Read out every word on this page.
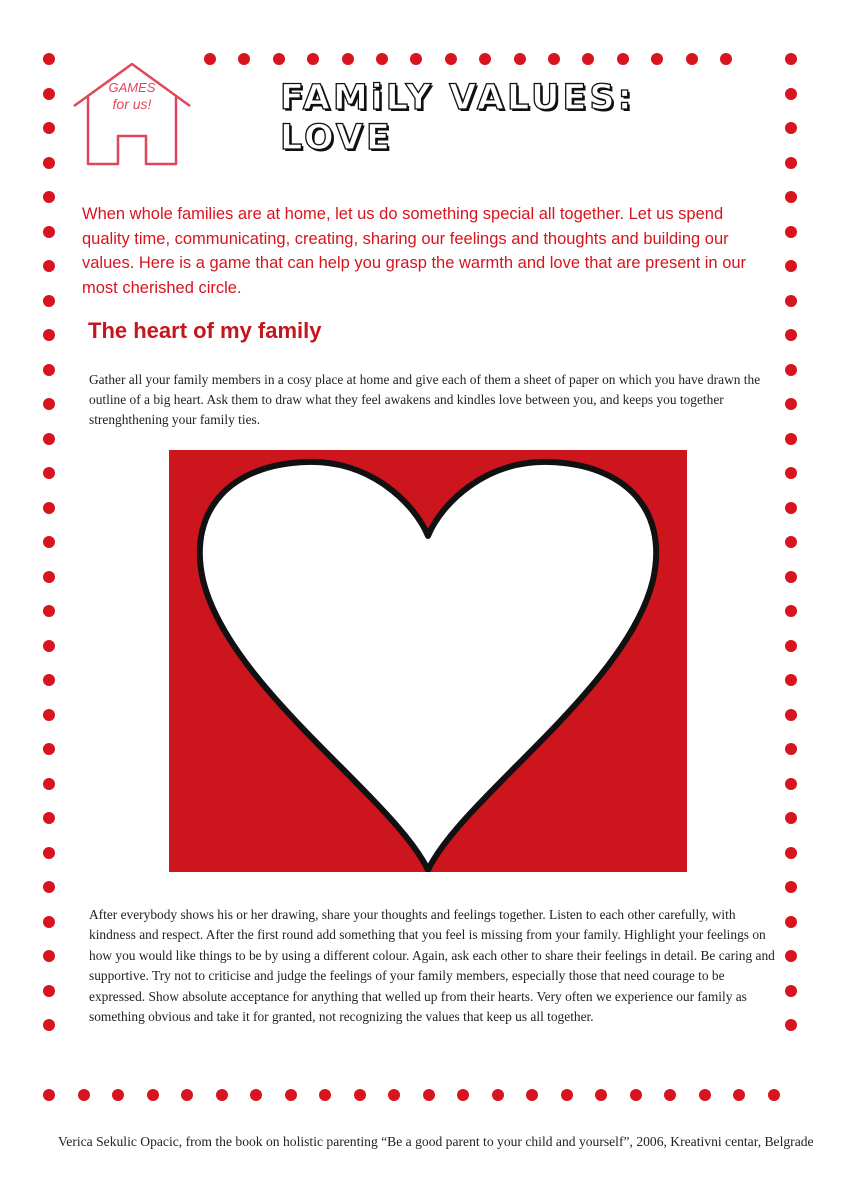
GAMES
for us!	FAMiLY VALUES: LOVE

When whole families are at home, let us do something special all together. Let us spend quality time, communicating, creating, sharing our feelings and thoughts and building our values. Here is a game that can help you grasp the warmth and love that are present in our most cherished circle.

The heart of my family

Gather all your family members in a cosy place at home and give each of them a sheet of paper on which you have drawn the outline of a big heart. Ask them to draw what they feel awakens and kindles love between you, and keeps you together strenghthening your family ties.

After everybody shows his or her drawing, share your thoughts and feelings together. Listen to each other carefully, with kindness and respect. After the first round add something that you feel is missing from your family. Highlight your feelings on how you would like things to be by using a different colour. Again, ask each other to share their feelings in detail. Be caring and supportive. Try not to criticise and judge the feelings of your family members, especially those that need courage to be expressed. Show absolute acceptance for anything that welled up from their hearts. Very often we experience our family as something obvious and take it for granted, not recognizing the values that keep us all together.

Verica Sekulic Opacic, from the book on holistic parenting “Be a good parent to your child and yourself”, 2006, Kreativni centar, Belgrade
